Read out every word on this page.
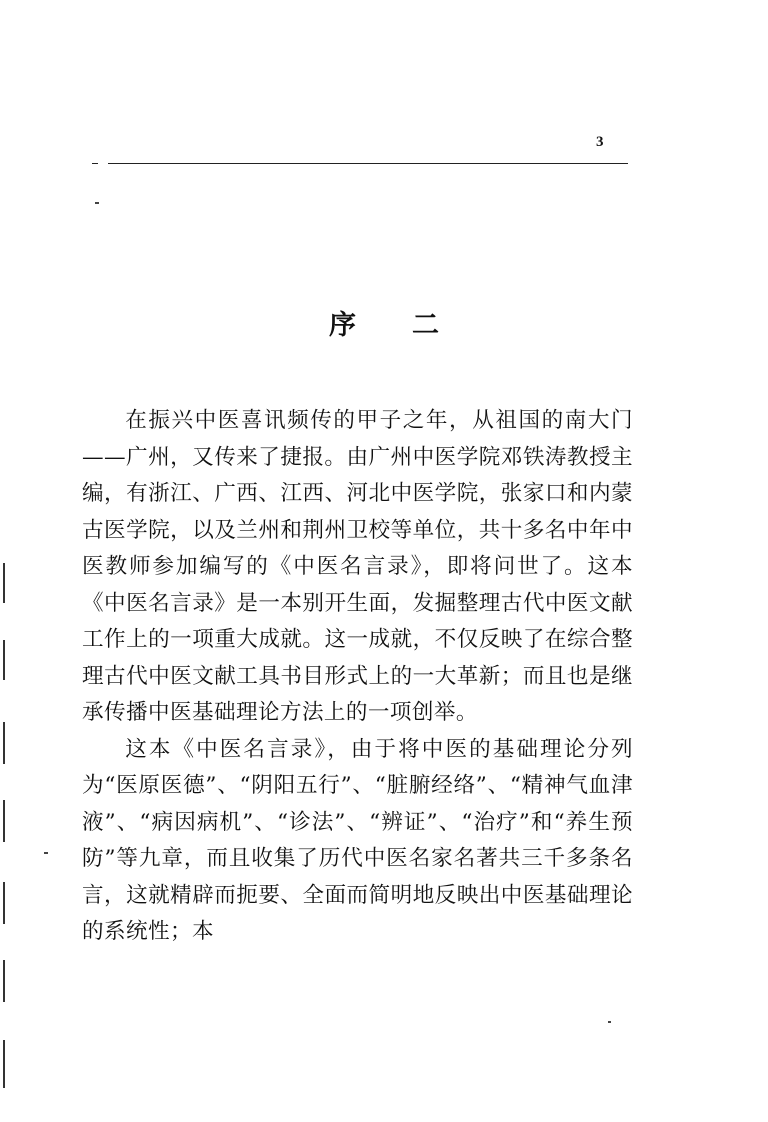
3
序二

在振兴中医喜讯频传的甲子之年，从祖国的南大门——广州，又传来了捷报。由广州中医学院邓铁涛教授主编，有浙江、广西、江西、河北中医学院，张家口和内蒙古医学院，以及兰州和荆州卫校等单位，共十多名中年中医教师参加编写的《中医名言录》，即将问世了。这本《中医名言录》是一本别开生面，发掘整理古代中医文献工作上的一项重大成就。这一成就，不仅反映了在综合整理古代中医文献工具书目形式上的一大革新；而且也是继承传播中医基础理论方法上的一项创举。

这本《中医名言录》，由于将中医的基础理论分列为“医原医德”、“阴阳五行”、“脏腑经络”、“精神气血津液”、“病因病机”、“诊法”、“辨证”、“治疗”和“养生预防”等九章，而且收集了历代中医名家名著共三千多条名言，这就精辟而扼要、全面而简明地反映出中医基础理论的系统性；本
